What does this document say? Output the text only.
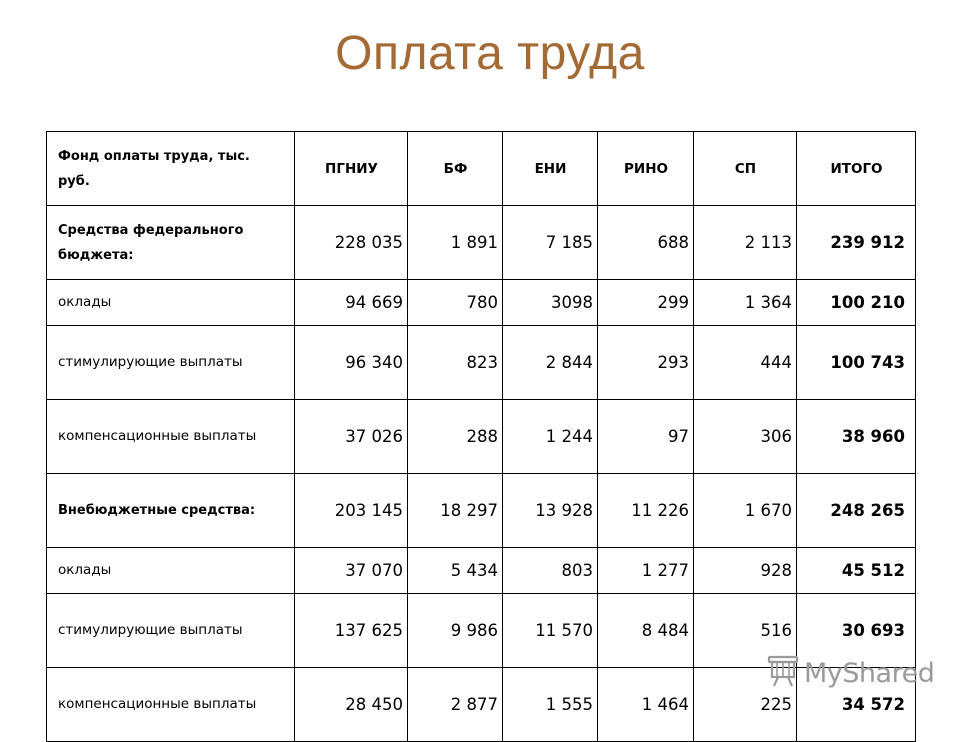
Оплата труда
Фонд оплаты труда, тыс. руб.	ПГНИУ	БФ	ЕНИ	РИНО	СП	ИТОГО
Средства федерального бюджета:	228 035	1 891	7 185	688	2 113	239 912
оклады	94 669	780	3098	299	1 364	100 210
стимулирующие выплаты	96 340	823	2 844	293	444	100 743
компенсационные выплаты	37 026	288	1 244	97	306	38 960
Внебюджетные средства:	203 145	18 297	13 928	11 226	1 670	248 265
оклады	37 070	5 434	803	1 277	928	45 512
стимулирующие выплаты	137 625	9 986	11 570	8 484	516	30 693
компенсационные выплаты	28 450	2 877	1 555	1 464	225	34 572
MyShared
